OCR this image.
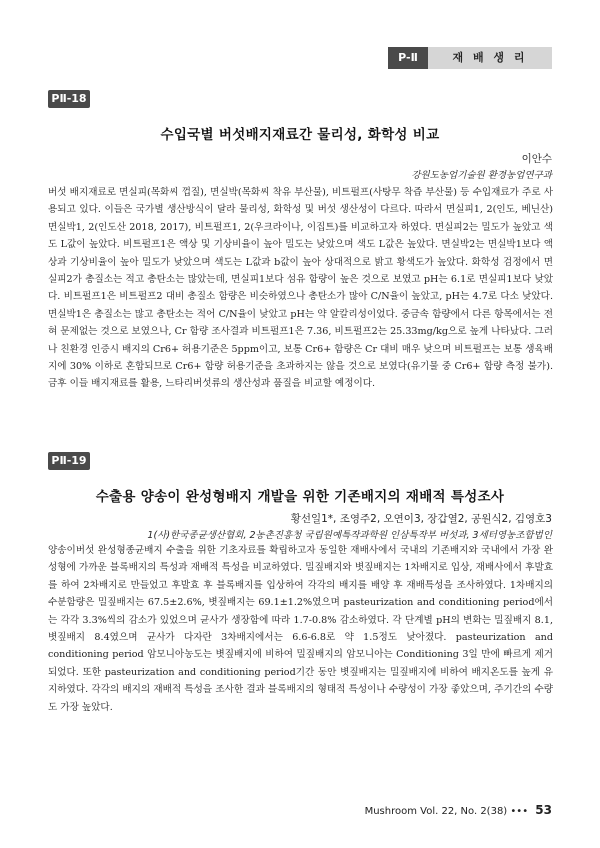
P-Ⅱ	재 배 생 리
PⅡ-18
수입국별 버섯배지재료간 물리성, 화학성 비교
이안수
강원도농업기술원 환경농업연구과

버섯 배지재료로 면실피(목화씨 껍질), 면실박(목화씨 착유 부산물), 비트펄프(사탕무 착즙 부산물) 등 수입재료가 주로 사용되고 있다. 이들은 국가별 생산방식이 달라 물리성, 화학성 및 버섯 생산성이 다르다. 따라서 면실피1, 2(인도, 베닌산) 면실박1, 2(인도산 2018, 2017), 비트펄프1, 2(우크라이나, 이집트)를 비교하고자 하였다. 면실피2는 밀도가 높았고 색도 L값이 높았다. 비트펄프1은 액상 및 기상비율이 높아 밀도는 낮았으며 색도 L값은 높았다. 면실박2는 면실박1보다 액상과 기상비율이 높아 밀도가 낮았으며 색도는 L값과 b값이 높아 상대적으로 밝고 황색도가 높았다. 화학성 검정에서 면실피2가 총질소는 적고 총탄소는 많았는데, 면실피1보다 섬유 함량이 높은 것으로 보였고 pH는 6.1로 면실피1보다 낮았다. 비트펄프1은 비트펄프2 대비 총질소 함량은 비슷하였으나 총탄소가 많아 C/N율이 높았고, pH는 4.7로 다소 낮았다. 면실박1은 총질소는 많고 총탄소는 적어 C/N율이 낮았고 pH는 약 알칼리성이었다. 중금속 함량에서 다른 항목에서는 전혀 문제없는 것으로 보였으나, Cr 함량 조사결과 비트펄프1은 7.36, 비트펄프2는 25.33mg/kg으로 높게 나타났다. 그러나 친환경 인증시 배지의 Cr6+ 허용기준은 5ppm이고, 보통 Cr6+ 함량은 Cr 대비 매우 낮으며 비트펄프는 보통 생육배지에 30% 이하로 혼합되므로 Cr6+ 함량 허용기준을 초과하지는 않을 것으로 보였다(유기물 중 Cr6+ 함량 측정 불가). 금후 이들 배지재료를 활용, 느타리버섯류의 생산성과 품질을 비교할 예정이다.

PⅡ-19
수출용 양송이 완성형배지 개발을 위한 기존배지의 재배적 특성조사
황선일1*, 조영주2, 오연이3, 장갑열2, 공원식2, 김영호3
1(사)한국종균생산협회, 2농촌진흥청 국립원예특작과학원 인삼특작부 버섯과, 3세터영농조합법인

양송이버섯 완성형종균배지 수출을 위한 기초자료를 확립하고자 동일한 재배사에서 국내의 기존배지와 국내에서 가장 완성형에 가까운 블록배지의 특성과 재배적 특성을 비교하였다. 밀짚배지와 볏짚배지는 1차배지로 입상, 재배사에서 후발효를 하여 2차배지로 만들었고 후발효 후 블록배지를 입상하여 각각의 배지를 배양 후 재배특성을 조사하였다. 1차배지의 수분함량은 밀짚배지는 67.5±2.6%, 볏짚배지는 69.1±1.2%였으며 pasteurization and conditioning period에서는 각각 3.3%씩의 감소가 있었으며 균사가 생장함에 따라 1.7-0.8% 감소하였다. 각 단계별 pH의 변화는 밀짚배지 8.1, 볏짚배지 8.4였으며 균사가 다자란 3차배지에서는 6.6-6.8로 약 1.5정도 낮아졌다. pasteurization and conditioning period 암모니아농도는 볏짚배지에 비하여 밀짚배지의 암모니아는 Conditioning 3일 만에 빠르게 제거되었다. 또한 pasteurization and conditioning period기간 동안 볏짚배지는 밀짚배지에 비하여 배지온도를 높게 유지하였다. 각각의 배지의 재배적 특성을 조사한 결과 블록배지의 형태적 특성이나 수량성이 가장 좋았으며, 주기간의 수량도 가장 높았다.

Mushroom Vol. 22, No. 2(38) ••• 53
